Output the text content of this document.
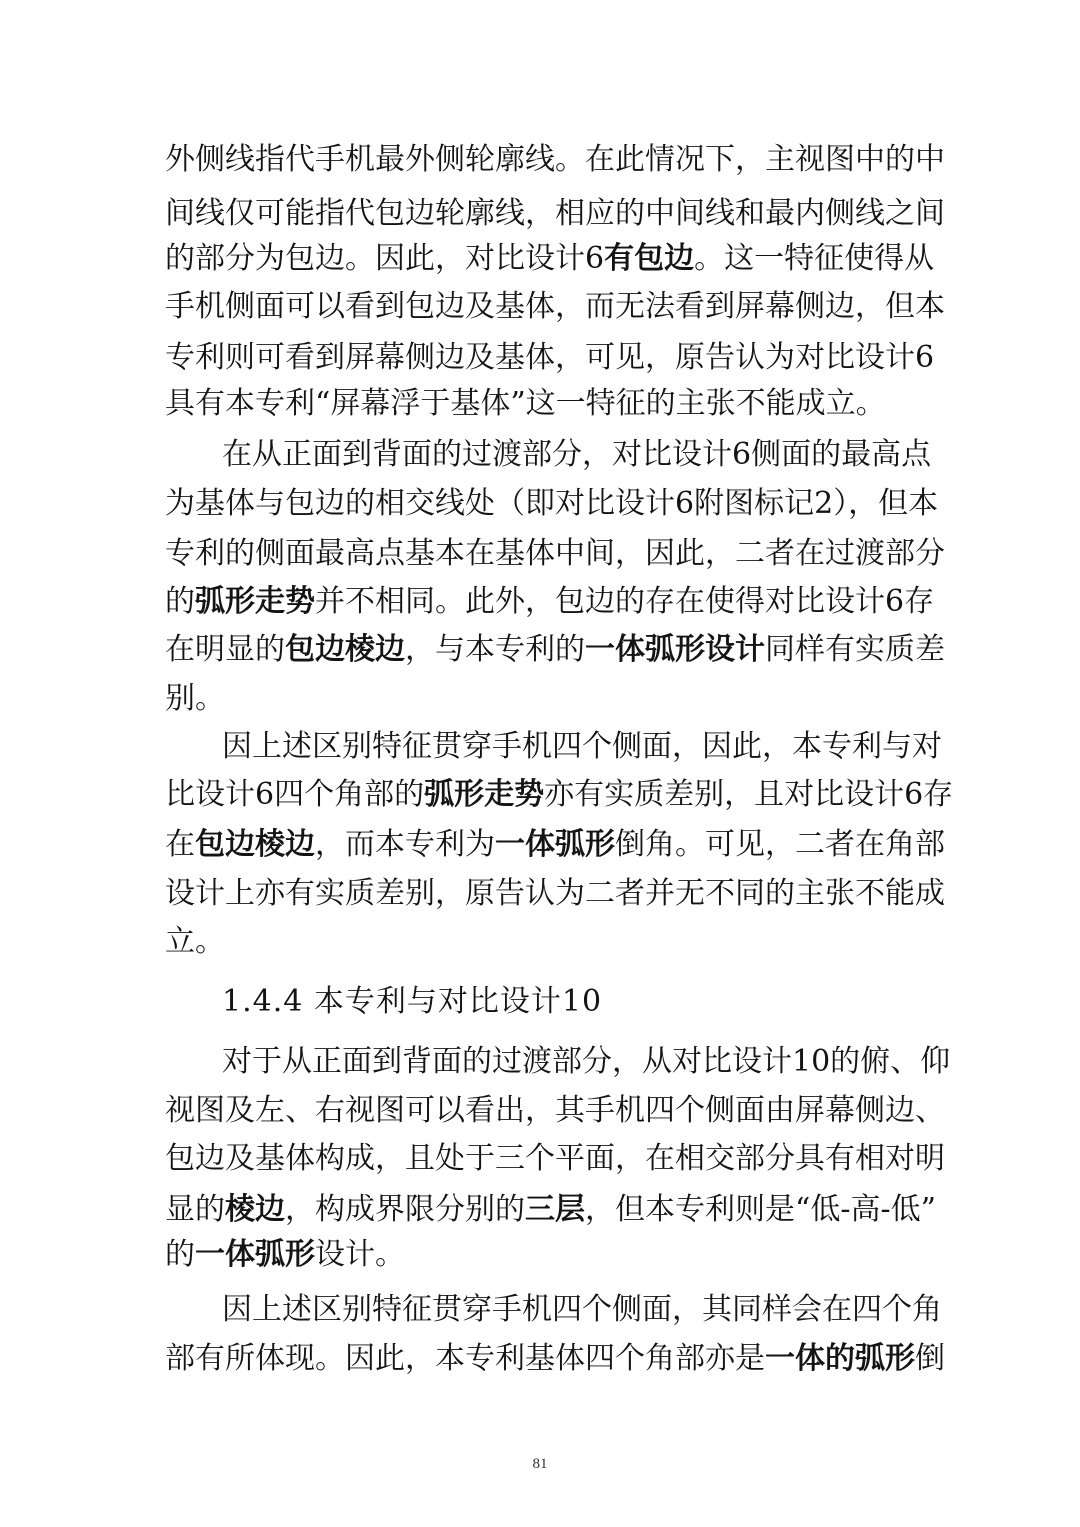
外侧线指代手机最外侧轮廓线。在此情况下，主视图中的中
间线仅可能指代包边轮廓线，相应的中间线和最内侧线之间
的部分为包边。因此，对比设计6有包边。这一特征使得从
手机侧面可以看到包边及基体，而无法看到屏幕侧边，但本
专利则可看到屏幕侧边及基体，可见，原告认为对比设计6
具有本专利“屏幕浮于基体”这一特征的主张不能成立。
在从正面到背面的过渡部分，对比设计6侧面的最高点
为基体与包边的相交线处（即对比设计6附图标记2），但本
专利的侧面最高点基本在基体中间，因此，二者在过渡部分
的弧形走势并不相同。此外，包边的存在使得对比设计6存
在明显的包边棱边，与本专利的一体弧形设计同样有实质差
别。
因上述区别特征贯穿手机四个侧面，因此，本专利与对
比设计6四个角部的弧形走势亦有实质差别，且对比设计6存
在包边棱边，而本专利为一体弧形倒角。可见，二者在角部
设计上亦有实质差别，原告认为二者并无不同的主张不能成
立。
1.4.4 本专利与对比设计10
对于从正面到背面的过渡部分，从对比设计10的俯、仰
视图及左、右视图可以看出，其手机四个侧面由屏幕侧边、
包边及基体构成，且处于三个平面，在相交部分具有相对明
显的棱边，构成界限分别的三层，但本专利则是“低-高-低”
的一体弧形设计。
因上述区别特征贯穿手机四个侧面，其同样会在四个角
部有所体现。因此，本专利基体四个角部亦是一体的弧形倒
81
